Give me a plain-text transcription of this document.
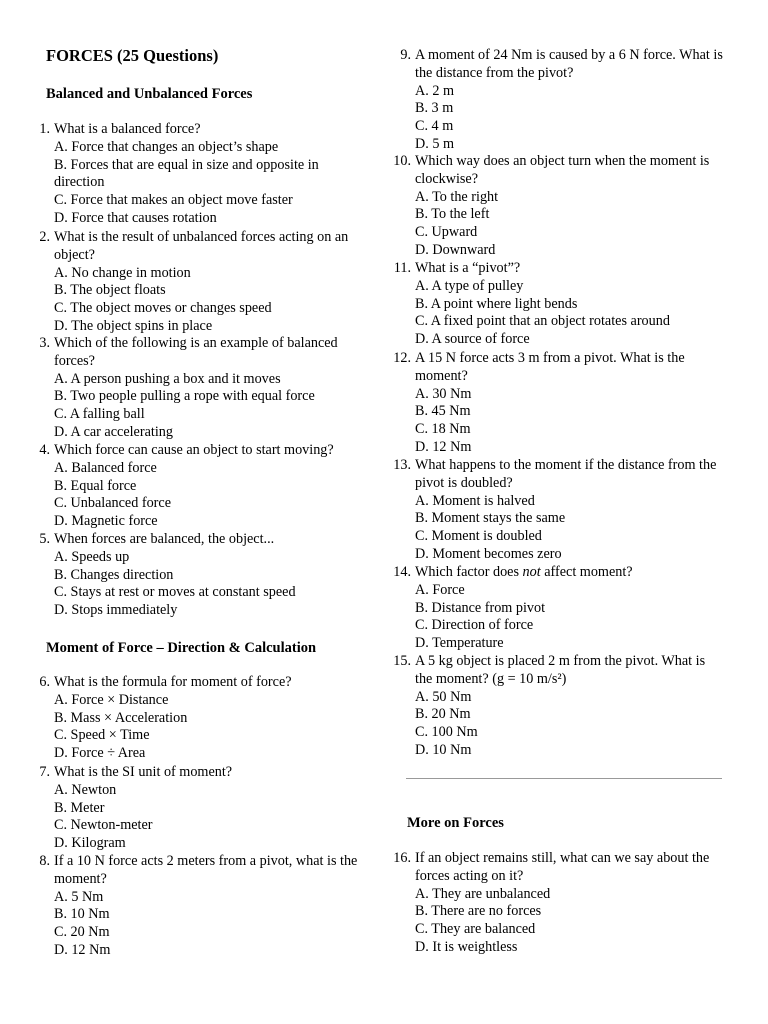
FORCES (25 Questions)
Balanced and Unbalanced Forces
Moment of Force – Direction & Calculation
More on Forces
1. What is a balanced force?
A. Force that changes an object’s shape
B. Forces that are equal in size and opposite in direction
C. Force that makes an object move faster
D. Force that causes rotation
2. What is the result of unbalanced forces acting on an object?
A. No change in motion
B. The object floats
C. The object moves or changes speed
D. The object spins in place
3. Which of the following is an example of balanced forces?
A. A person pushing a box and it moves
B. Two people pulling a rope with equal force
C. A falling ball
D. A car accelerating
4. Which force can cause an object to start moving?
A. Balanced force
B. Equal force
C. Unbalanced force
D. Magnetic force
5. When forces are balanced, the object...
A. Speeds up
B. Changes direction
C. Stays at rest or moves at constant speed
D. Stops immediately
6. What is the formula for moment of force?
A. Force × Distance
B. Mass × Acceleration
C. Speed × Time
D. Force ÷ Area
7. What is the SI unit of moment?
A. Newton
B. Meter
C. Newton-meter
D. Kilogram
8. If a 10 N force acts 2 meters from a pivot, what is the moment?
A. 5 Nm
B. 10 Nm
C. 20 Nm
D. 12 Nm
9. A moment of 24 Nm is caused by a 6 N force. What is the distance from the pivot?
A. 2 m
B. 3 m
C. 4 m
D. 5 m
10. Which way does an object turn when the moment is clockwise?
A. To the right
B. To the left
C. Upward
D. Downward
11. What is a “pivot”?
A. A type of pulley
B. A point where light bends
C. A fixed point that an object rotates around
D. A source of force
12. A 15 N force acts 3 m from a pivot. What is the moment?
A. 30 Nm
B. 45 Nm
C. 18 Nm
D. 12 Nm
13. What happens to the moment if the distance from the pivot is doubled?
A. Moment is halved
B. Moment stays the same
C. Moment is doubled
D. Moment becomes zero
14. Which factor does not affect moment?
A. Force
B. Distance from pivot
C. Direction of force
D. Temperature
15. A 5 kg object is placed 2 m from the pivot. What is the moment? (g = 10 m/s²)
A. 50 Nm
B. 20 Nm
C. 100 Nm
D. 10 Nm
16. If an object remains still, what can we say about the forces acting on it?
A. They are unbalanced
B. There are no forces
C. They are balanced
D. It is weightless
